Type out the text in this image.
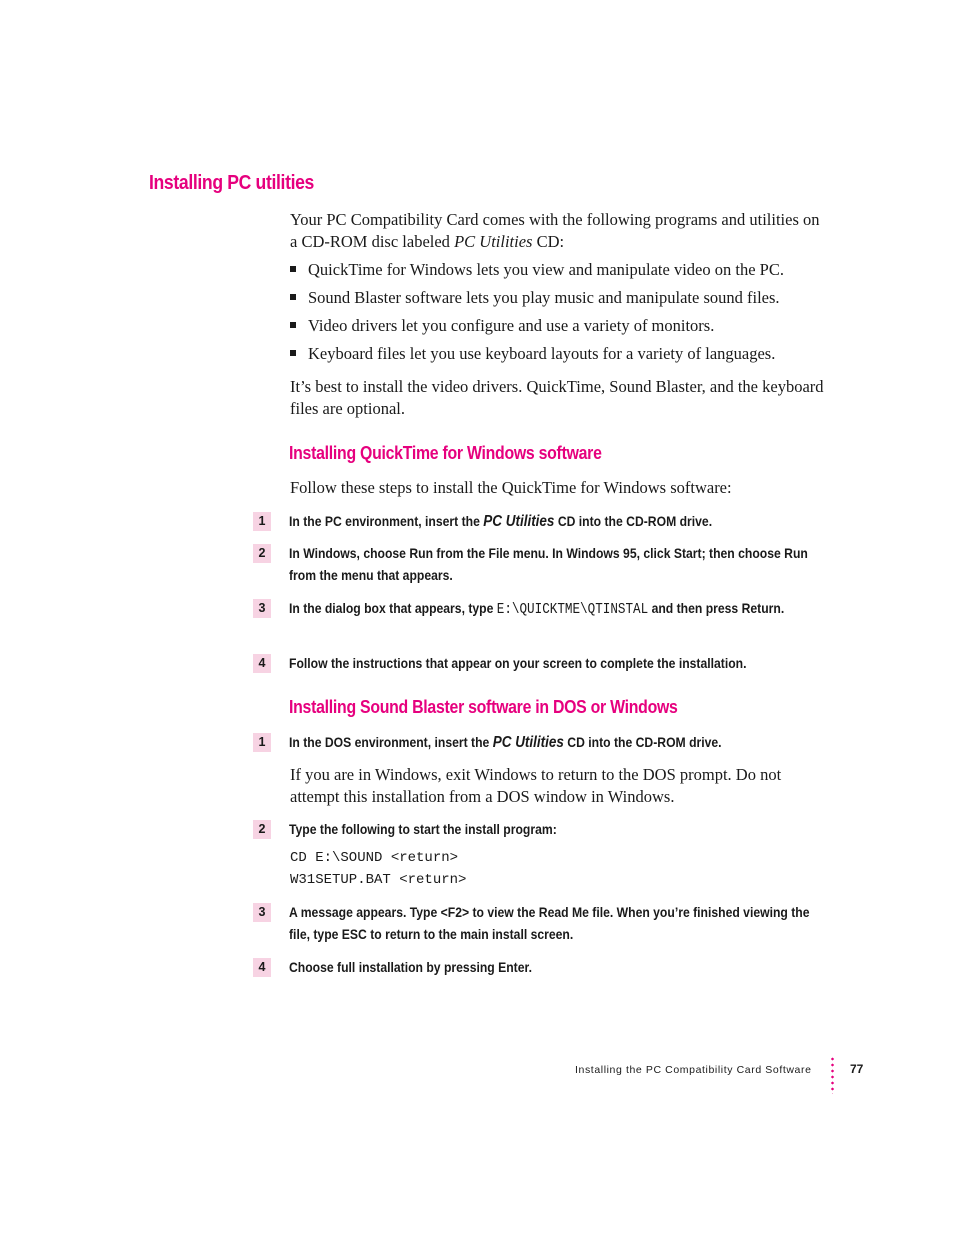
Installing PC utilities
Your PC Compatibility Card comes with the following programs and utilities on a CD-ROM disc labeled PC Utilities CD:
QuickTime for Windows lets you view and manipulate video on the PC.
Sound Blaster software lets you play music and manipulate sound files.
Video drivers let you configure and use a variety of monitors.
Keyboard files let you use keyboard layouts for a variety of languages.
It’s best to install the video drivers. QuickTime, Sound Blaster, and the keyboard files are optional.
Installing QuickTime for Windows software
Follow these steps to install the QuickTime for Windows software:
1	In the PC environment, insert the PC Utilities CD into the CD-ROM drive.
2	In Windows, choose Run from the File menu. In Windows 95, click Start; then choose Run from the menu that appears.
3	In the dialog box that appears, type E:\QUICKTME\QTINSTAL and then press Return.
4	Follow the instructions that appear on your screen to complete the installation.
Installing Sound Blaster software in DOS or Windows
1	In the DOS environment, insert the PC Utilities CD into the CD-ROM drive.
If you are in Windows, exit Windows to return to the DOS prompt. Do not attempt this installation from a DOS window in Windows.
2	Type the following to start the install program:
CD E:\SOUND <return>
W31SETUP.BAT <return>
3	A message appears. Type <F2> to view the Read Me file. When you’re finished viewing the file, type ESC to return to the main install screen.
4	Choose full installation by pressing Enter.
Installing the PC Compatibility Card Software	77
